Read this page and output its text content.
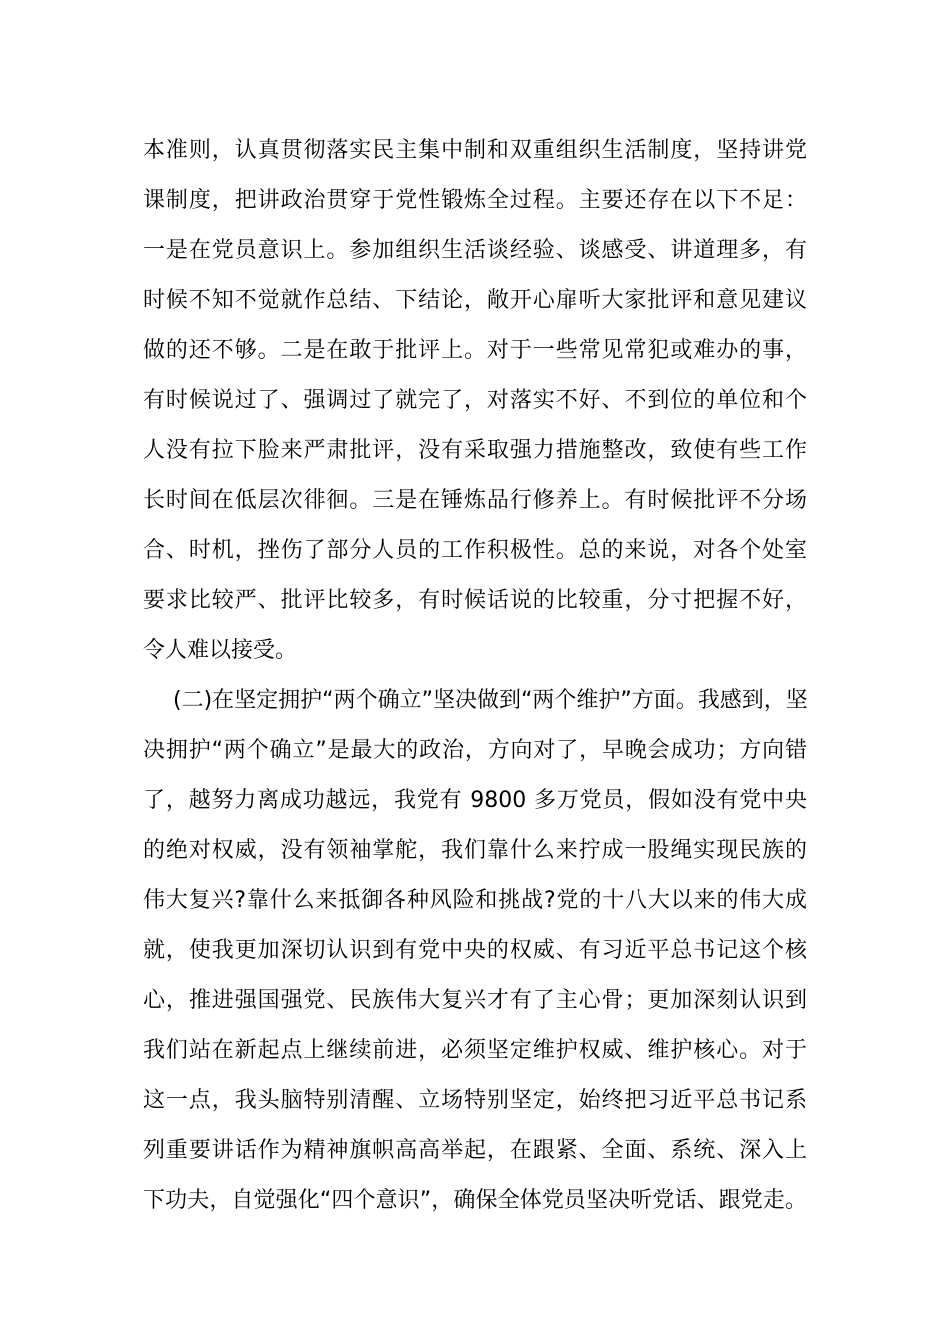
本准则，认真贯彻落实民主集中制和双重组织生活制度，坚持讲党
课制度，把讲政治贯穿于党性锻炼全过程。主要还存在以下不足：
一是在党员意识上。参加组织生活谈经验、谈感受、讲道理多，有
时候不知不觉就作总结、下结论，敞开心扉听大家批评和意见建议
做的还不够。二是在敢于批评上。对于一些常见常犯或难办的事，
有时候说过了、强调过了就完了，对落实不好、不到位的单位和个
人没有拉下脸来严肃批评，没有采取强力措施整改，致使有些工作
长时间在低层次徘徊。三是在锤炼品行修养上。有时候批评不分场
合、时机，挫伤了部分人员的工作积极性。总的来说，对各个处室
要求比较严、批评比较多，有时候话说的比较重，分寸把握不好，
令人难以接受。
(二)在坚定拥护“两个确立”坚决做到“两个维护”方面。我感到，坚
决拥护“两个确立”是最大的政治，方向对了，早晚会成功；方向错
了，越努力离成功越远，我党有 9800 多万党员，假如没有党中央
的绝对权威，没有领袖掌舵，我们靠什么来拧成一股绳实现民族的
伟大复兴?靠什么来抵御各种风险和挑战?党的十八大以来的伟大成
就，使我更加深切认识到有党中央的权威、有习近平总书记这个核
心，推进强国强党、民族伟大复兴才有了主心骨；更加深刻认识到
我们站在新起点上继续前进，必须坚定维护权威、维护核心。对于
这一点，我头脑特别清醒、立场特别坚定，始终把习近平总书记系
列重要讲话作为精神旗帜高高举起，在跟紧、全面、系统、深入上
下功夫，自觉强化“四个意识”，确保全体党员坚决听党话、跟党走。
